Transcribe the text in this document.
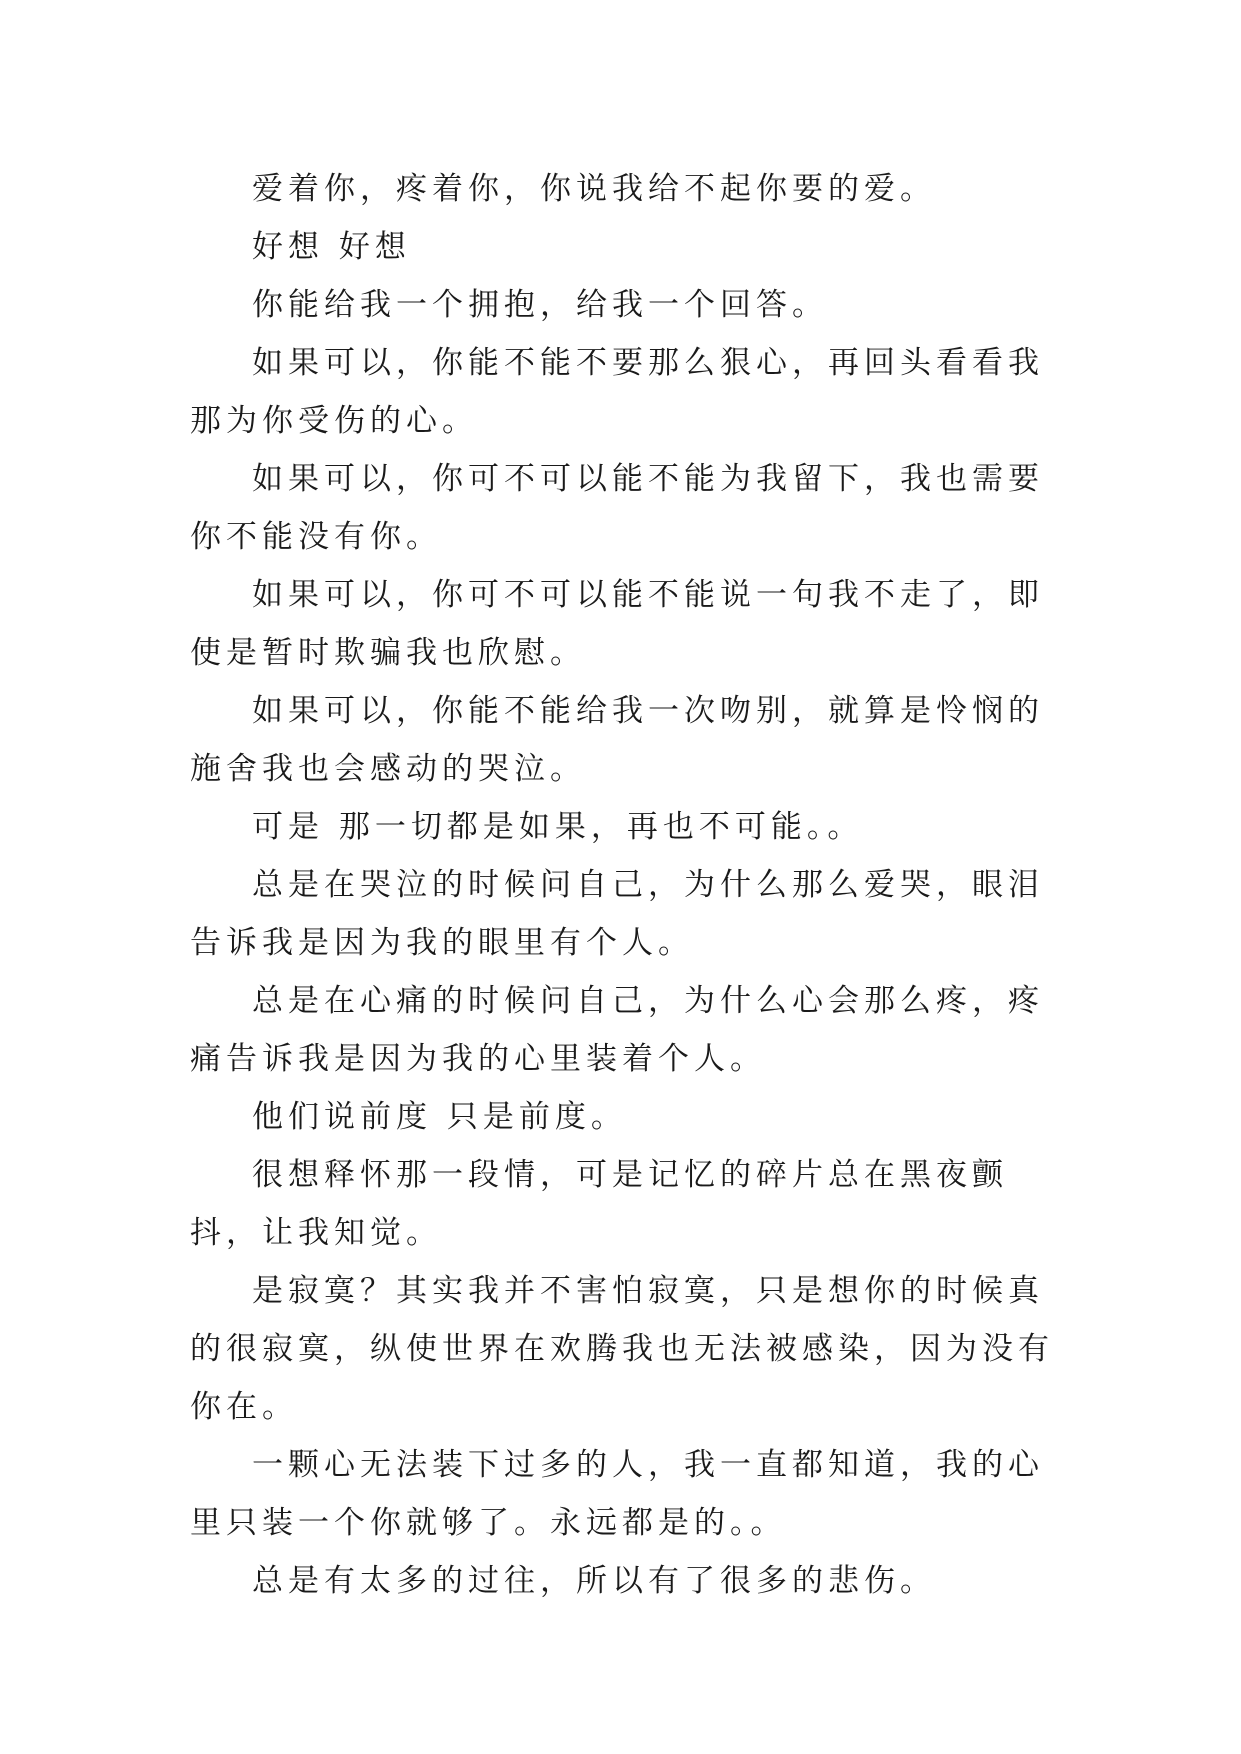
爱着你，疼着你，你说我给不起你要的爱。

好想 好想

你能给我一个拥抱，给我一个回答。

如果可以，你能不能不要那么狠心，再回头看看我那为你受伤的心。

如果可以，你可不可以能不能为我留下，我也需要 你不能没有你。

如果可以，你可不可以能不能说一句我不走了，即使是暂时欺骗我也欣慰。

如果可以，你能不能给我一次吻别，就算是怜悯的施舍我也会感动的哭泣。

可是 那一切都是如果，再也不可能。。

总是在哭泣的时候问自己，为什么那么爱哭，眼泪告诉我是因为我的眼里有个人。

总是在心痛的时候问自己，为什么心会那么疼，疼痛告诉我是因为我的心里装着个人。

他们说前度 只是前度。

很想释怀那一段情，可是记忆的碎片总在黑夜颤抖，让我知觉。

是寂寞？其实我并不害怕寂寞，只是想你的时候真的很寂寞，纵使世界在欢腾我也无法被感染，因为没有你在。

一颗心无法装下过多的人，我一直都知道，我的心里只装一个你就够了。永远都是的。。

总是有太多的过往，所以有了很多的悲伤。
